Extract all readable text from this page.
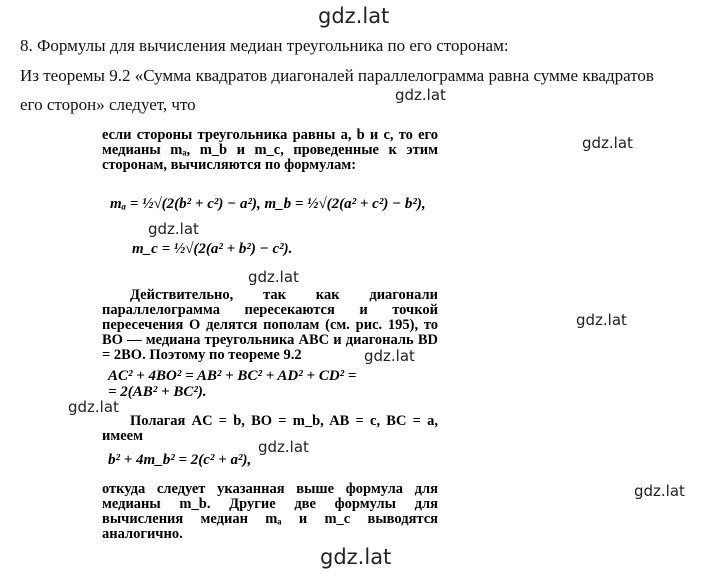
gdz.lat
gdz.lat
gdz.lat
gdz.lat
gdz.lat
gdz.lat
gdz.lat
gdz.lat
gdz.lat
gdz.lat
gdz.lat
8. Формулы для вычисления медиан треугольника по его сторонам:
Из теоремы 9.2 «Сумма квадратов диагоналей параллелограмма равна сумме квадратов
его сторон» следует, что

если стороны треугольника равны a, b и c, то его медианы mₐ, m_b и m_c, проведенные к этим сторонам, вычисляются по формулам:

mₐ = ½√(2(b² + c²) − a²), m_b = ½√(2(a² + c²) − b²),
m_c = ½√(2(a² + b²) − c²).

Действительно, так как диагонали параллелограмма пересекаются и точкой пересечения O делятся пополам (см. рис. 195), то BO — медиана треугольника ABC и диагональ BD = 2BO. Поэтому по теореме 9.2

AC² + 4BO² = AB² + BC² + AD² + CD² =
= 2(AB² + BC²).

Полагая AC = b, BO = m_b, AB = c, BC = a, имеем

b² + 4m_b² = 2(c² + a²),

откуда следует указанная выше формула для медианы m_b. Другие две формулы для вычисления медиан mₐ и m_c выводятся аналогично.
